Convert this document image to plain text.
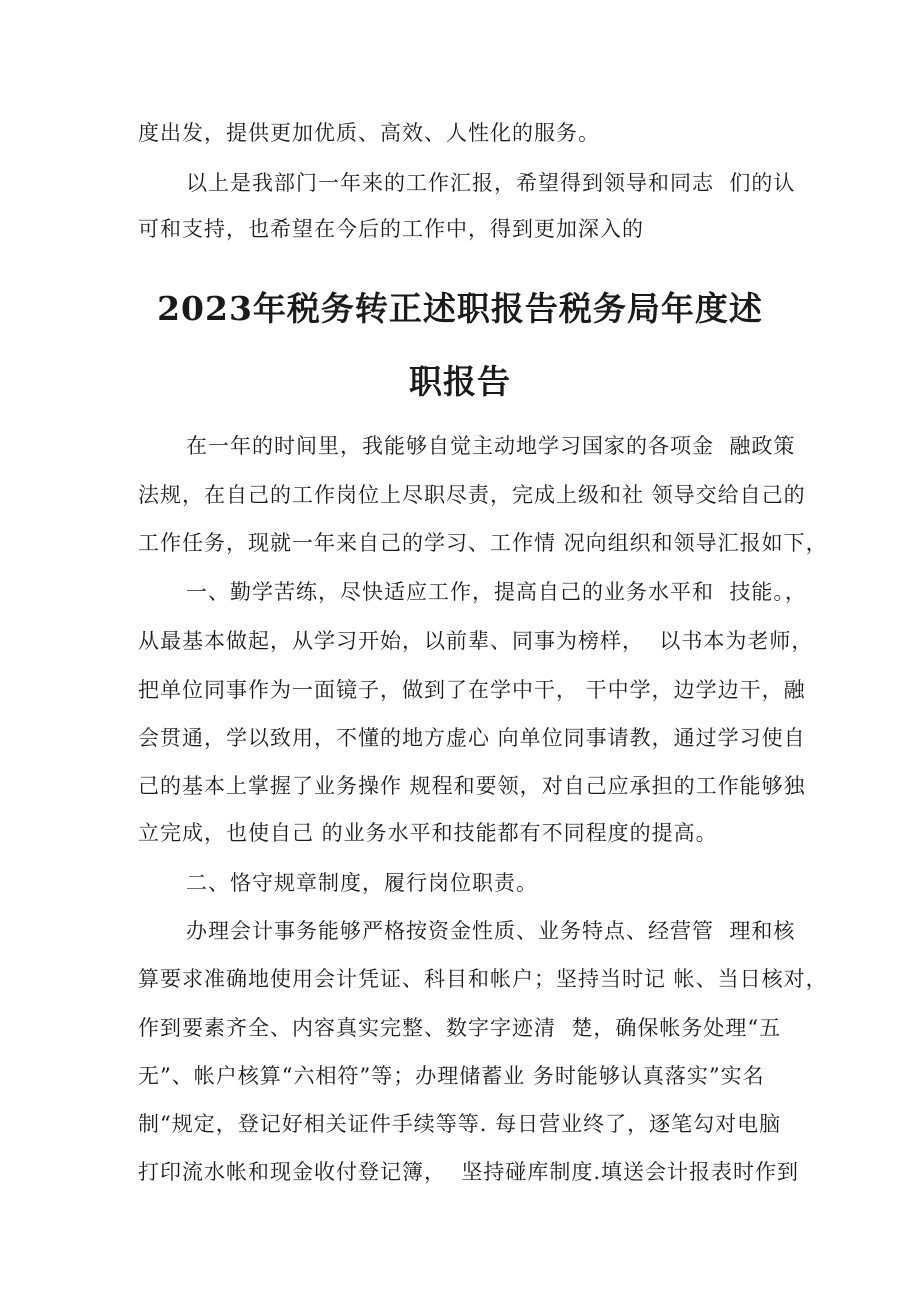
度出发，提供更加优质、高效、人性化的服务。
以上是我部门一年来的工作汇报，希望得到领导和同志  们的认
可和支持，也希望在今后的工作中，得到更加深入的
2023年税务转正述职报告税务局年度述
职报告
在一年的时间里，我能够自觉主动地学习国家的各项金  融政策
法规，在自己的工作岗位上尽职尽责，完成上级和社 领导交给自己的
工作任务，现就一年来自己的学习、工作情 况向组织和领导汇报如下，
一、勤学苦练，尽快适应工作，提高自己的业务水平和  技能。，
从最基本做起，从学习开始，以前辈、同事为榜样，  以书本为老师，
把单位同事作为一面镜子，做到了在学中干， 干中学，边学边干，融
会贯通，学以致用，不懂的地方虚心 向单位同事请教，通过学习使自
己的基本上掌握了业务操作 规程和要领，对自己应承担的工作能够独
立完成，也使自己 的业务水平和技能都有不同程度的提高。
二、恪守规章制度，履行岗位职责。
办理会计事务能够严格按资金性质、业务特点、经营管  理和核
算要求准确地使用会计凭证、科目和帐户；坚持当时记 帐、当日核对，
作到要素齐全、内容真实完整、数字字迹清  楚，确保帐务处理“五
无”、帐户核算“六相符”等；办理储蓄业 务时能够认真落实”实名
制“规定，登记好相关证件手续等等. 每日营业终了，逐笔勾对电脑
打印流水帐和现金收付登记簿，  坚持碰库制度.填送会计报表时作到
